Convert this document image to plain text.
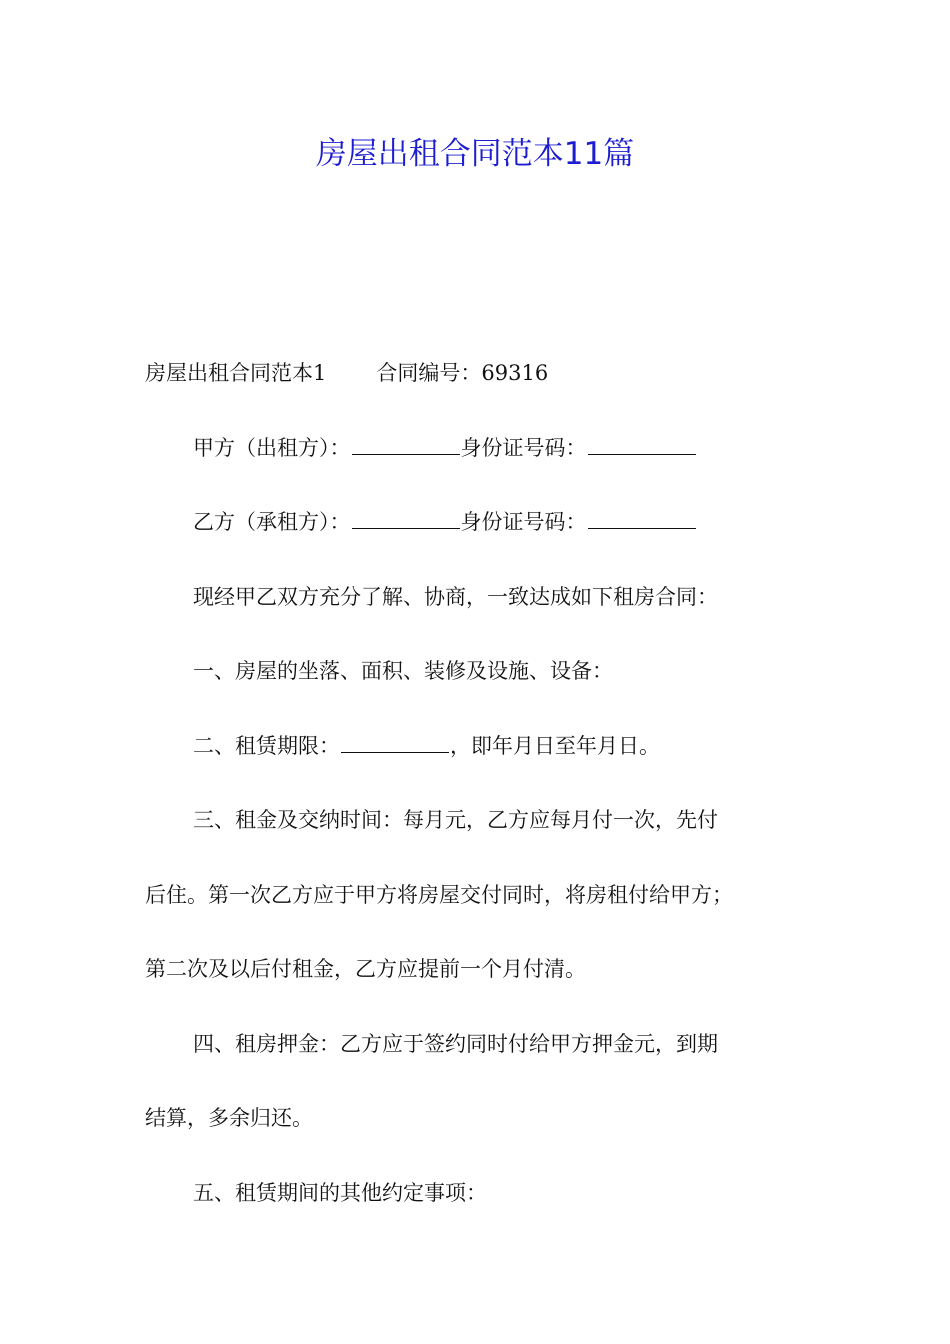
房屋出租合同范本11篇
房屋出租合同范本1 合同编号：69316
甲方（出租方）：	身份证号码：
乙方（承租方）：	身份证号码：
现经甲乙双方充分了解、协商，一致达成如下租房合同：
一、房屋的坐落、面积、装修及设施、设备：
二、租赁期限：	，即年月日至年月日。
三、租金及交纳时间：每月元，乙方应每月付一次，先付
后住。第一次乙方应于甲方将房屋交付同时，将房租付给甲方；
第二次及以后付租金，乙方应提前一个月付清。
四、租房押金：乙方应于签约同时付给甲方押金元，到期
结算，多余归还。
五、租赁期间的其他约定事项：
